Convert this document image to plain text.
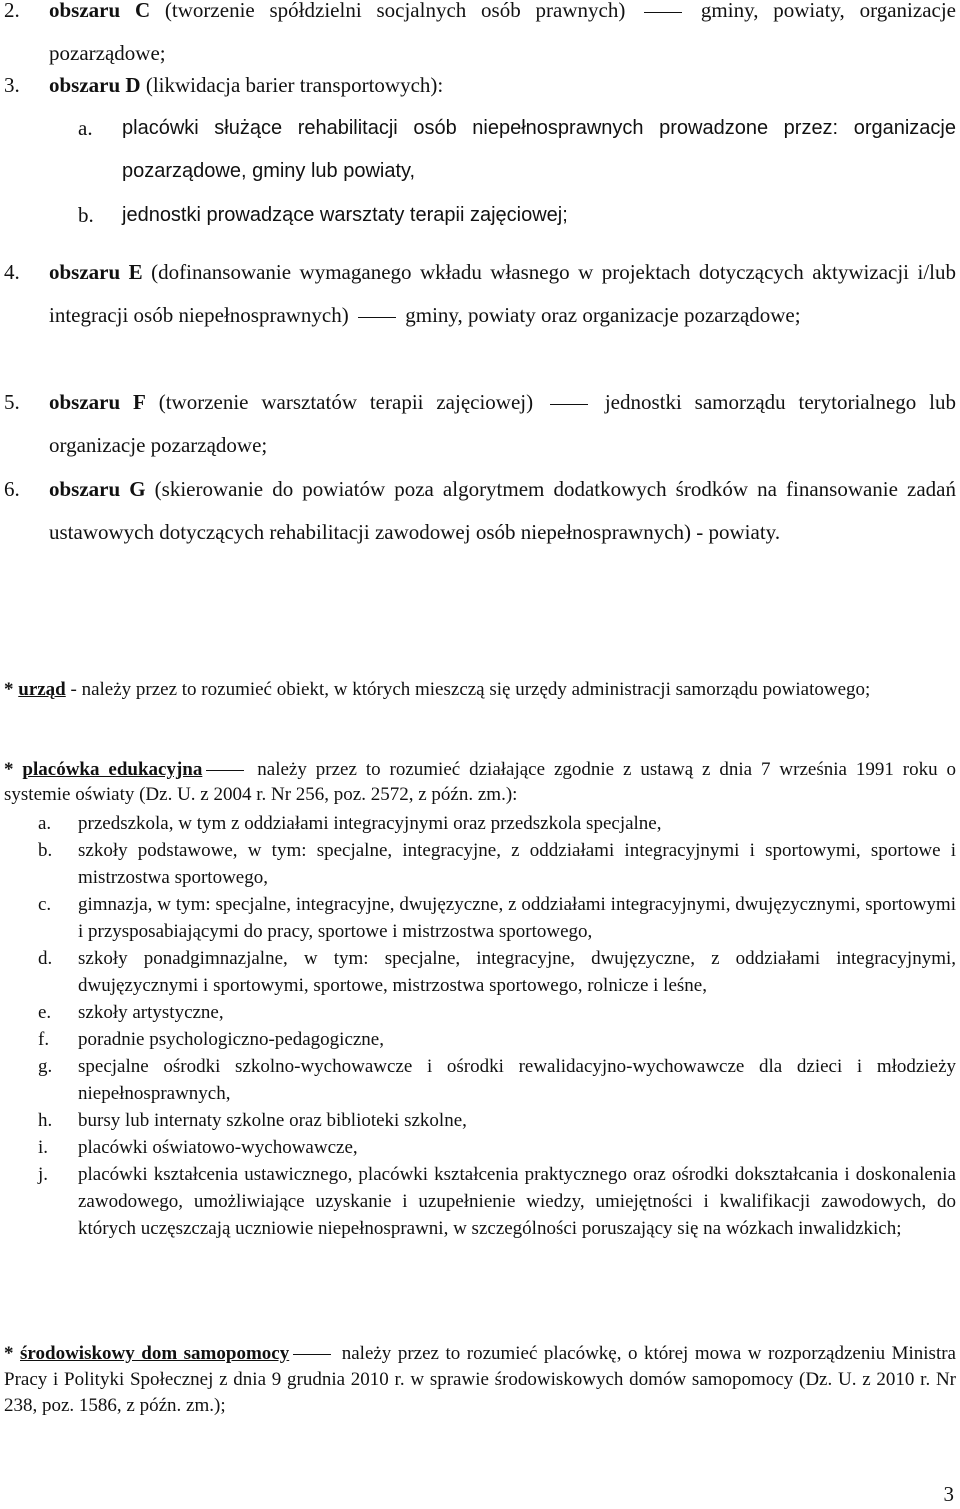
2. obszaru C (tworzenie spółdzielni socjalnych osób prawnych)  gminy, powiaty, organizacje pozarządowe;
3. obszaru D (likwidacja barier transportowych):
a. placówki służące rehabilitacji osób niepełnosprawnych prowadzone przez: organizacje pozarządowe, gminy lub powiaty,
b. jednostki prowadzące warsztaty terapii zajęciowej;
4. obszaru E (dofinansowanie wymaganego wkładu własnego w projektach dotyczących aktywizacji i/lub integracji osób niepełnosprawnych)  gminy, powiaty oraz organizacje pozarządowe;
5. obszaru F (tworzenie warsztatów terapii zajęciowej)  jednostki samorządu terytorialnego lub organizacje pozarządowe;
6. obszaru G (skierowanie do powiatów poza algorytmem dodatkowych środków na finansowanie zadań ustawowych dotyczących rehabilitacji zawodowej osób niepełnosprawnych) - powiaty.
* urząd - należy przez to rozumieć obiekt, w których mieszczą się urzędy administracji samorządu powiatowego;
* placówka edukacyjna należy przez to rozumieć działające zgodnie z ustawą z dnia 7 września 1991 roku o systemie oświaty (Dz. U. z 2004 r. Nr 256, poz. 2572, z późn. zm.):
a. przedszkola, w tym z oddziałami integracyjnymi oraz przedszkola specjalne,
b. szkoły podstawowe, w tym: specjalne, integracyjne, z oddziałami integracyjnymi i sportowymi, sportowe i mistrzostwa sportowego,
c. gimnazja, w tym: specjalne, integracyjne, dwujęzyczne, z oddziałami integracyjnymi, dwujęzycznymi, sportowymi i przysposabiającymi do pracy, sportowe i mistrzostwa sportowego,
d. szkoły ponadgimnazjalne, w tym: specjalne, integracyjne, dwujęzyczne, z oddziałami integracyjnymi, dwujęzycznymi i sportowymi, sportowe, mistrzostwa sportowego, rolnicze i leśne,
e. szkoły artystyczne,
f. poradnie psychologiczno-pedagogiczne,
g. specjalne ośrodki szkolno-wychowawcze i ośrodki rewalidacyjno-wychowawcze dla dzieci i młodzieży niepełnosprawnych,
h. bursy lub internaty szkolne oraz biblioteki szkolne,
i. placówki oświatowo-wychowawcze,
j. placówki kształcenia ustawicznego, placówki kształcenia praktycznego oraz ośrodki dokształcania i doskonalenia zawodowego, umożliwiające uzyskanie i uzupełnienie wiedzy, umiejętności i kwalifikacji zawodowych, do których uczęszczają uczniowie niepełnosprawni, w szczególności poruszający się na wózkach inwalidzkich;
* środowiskowy dom samopomocy należy przez to rozumieć placówkę, o której mowa w rozporządzeniu Ministra Pracy i Polityki Społecznej z dnia 9 grudnia 2010 r. w sprawie środowiskowych domów samopomocy (Dz. U. z 2010 r. Nr 238, poz. 1586, z późn. zm.);
3
